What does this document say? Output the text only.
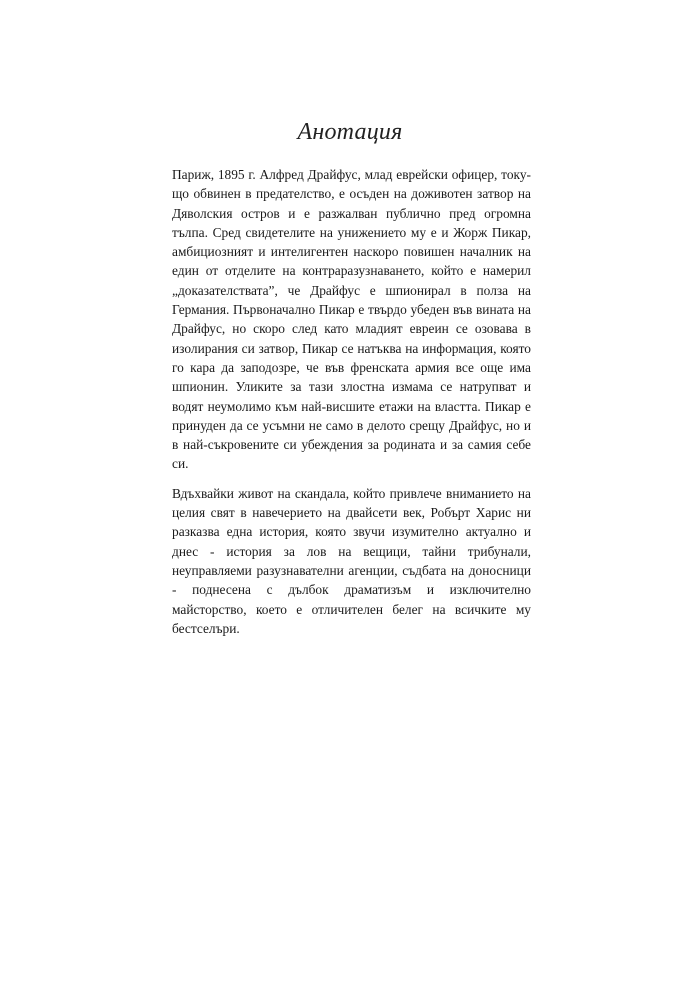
Анотация

Париж, 1895 г. Алфред Драйфус, млад еврейски офицер, току-що обвинен в предателство, е осъден на доживотен затвор на Дяволския остров и е разжалван публично пред огромна тълпа. Сред свидетелите на унижението му е и Жорж Пикар, амбициозният и интелигентен наскоро повишен началник на един от отделите на контраразузнаването, който е намерил „доказателствата”, че Драйфус е шпионирал в полза на Германия. Първоначално Пикар е твърдо убеден във вината на Драйфус, но скоро след като младият евреин се озовава в изолирания си затвор, Пикар се натъква на информация, която го кара да заподозре, че във френската армия все още има шпионин. Уликите за тази злостна измама се натрупват и водят неумолимо към най-висшите етажи на властта. Пикар е принуден да се усъмни не само в делото срещу Драйфус, но и в най-съкровените си убеждения за родината и за самия себе си.

Вдъхвайки живот на скандала, който привлече вниманието на целия свят в навечерието на двайсети век, Робърт Харис ни разказва една история, която звучи изумително актуално и днес - история за лов на вещици, тайни трибунали, неуправляеми разузнавателни агенции, съдбата на доносници - поднесена с дълбок драматизъм и изключително майсторство, което е отличителен белег на всичките му бестселъри.
